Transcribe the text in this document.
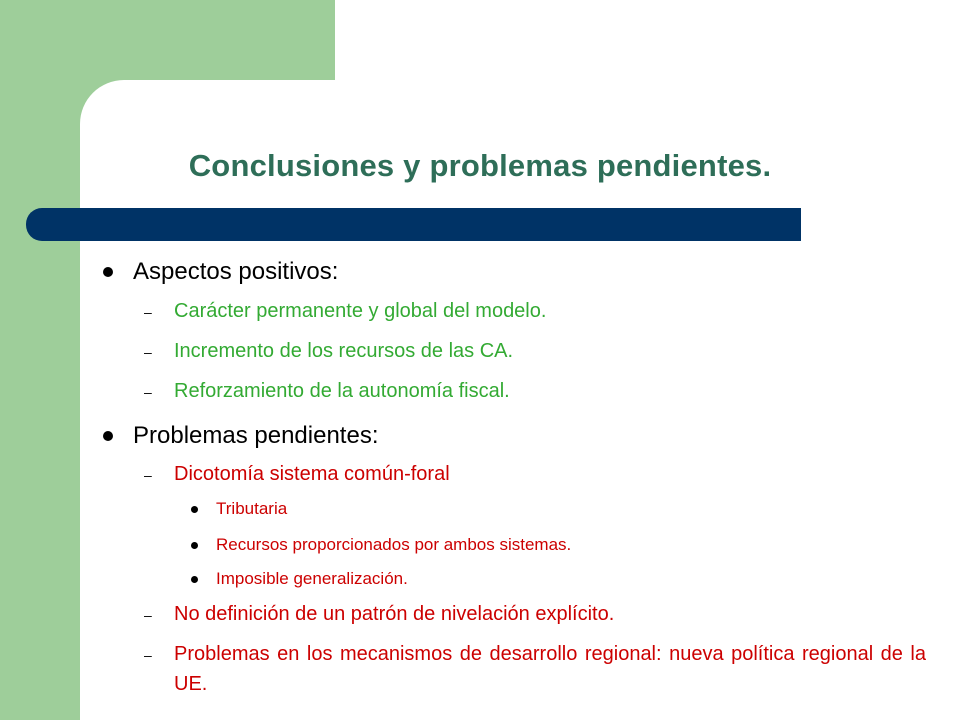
Conclusiones y problemas pendientes.
Aspectos positivos:
– Carácter permanente y global del modelo.
– Incremento de los recursos de las CA.
– Reforzamiento de la autonomía fiscal.
Problemas pendientes:
– Dicotomía sistema común-foral
Tributaria
Recursos proporcionados por ambos sistemas.
Imposible generalización.
– No definición de un patrón de nivelación explícito.
– Problemas en los mecanismos de desarrollo regional: nueva política regional de la UE.
